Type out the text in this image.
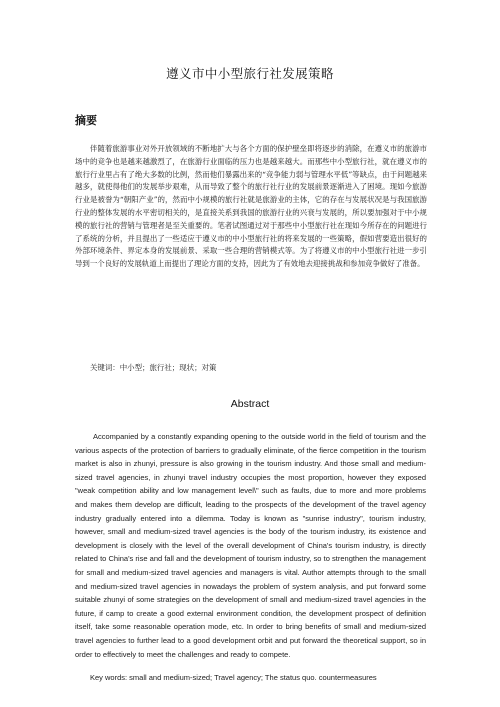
遵义市中小型旅行社发展策略
摘要

伴随着旅游事业对外开放领域的不断地扩大与各个方面的保护壁垒即将逐步的消除，在遵义市的旅游市场中的竞争也是越来越激烈了，在旅游行业面临的压力也是越来越大。而那些中小型旅行社，就在遵义市的旅行行业里占有了绝大多数的比例，然而他们暴露出来的“竞争能力弱与管理水平低”等缺点，由于问题越来越多，就使得他们的发展举步艰难，从而导致了整个的旅行社行业的发展前景逐渐进入了困境。现如今旅游行业是被誉为“朝阳产业”的，然而中小规模的旅行社就是旅游业的主体，它的存在与发展状况是与我国旅游行业的整体发展的水平密切相关的，是直接关系到我国的旅游行业的兴衰与发展的，所以要加强对于中小规模的旅行社的营销与管理者是至关重要的。笔者试图通过对于那些中小型旅行社在现如今所存在的问题进行了系统的分析，并且提出了一些适应于遵义市的中小型旅行社的将来发展的一些策略，假如营要造出很好的外部环境条件、界定本身的发展前景、采取一些合理的营销模式等。为了将遵义市的中小型旅行社进一步引导到一个良好的发展轨道上而提出了理论方面的支持，因此为了有效地去迎接挑战和参加竞争做好了准备。

关键词：中小型；旅行社；现状；对策
Abstract

Accompanied by a constantly expanding opening to the outside world in the field of tourism and the various aspects of the protection of barriers to gradually eliminate, of the fierce competition in the tourism market is also in zhunyi, pressure is also growing in the tourism industry. And those small and medium-sized travel agencies, in zhunyi travel industry occupies the most proportion, however they exposed "weak competition ability and low management level\" such as faults, due to more and more problems and makes them develop are difficult, leading to the prospects of the development of the travel agency industry gradually entered into a dilemma. Today is known as "sunrise industry", tourism industry, however, small and medium-sized travel agencies is the body of the tourism industry, its existence and development is closely with the level of the overall development of China's tourism industry, is directly related to China's rise and fall and the development of tourism industry, so to strengthen the management for small and medium-sized travel agencies and managers is vital. Author attempts through to the small and medium-sized travel agencies in nowadays the problem of system analysis, and put forward some suitable zhunyi of some strategies on the development of small and medium-sized travel agencies in the future, if camp to create a good external environment condition, the development prospect of definition itself, take some reasonable operation mode, etc. In order to bring benefits of small and medium-sized travel agencies to further lead to a good development orbit and put forward the theoretical support, so in order to effectively to meet the challenges and ready to compete.

Key words: small and medium-sized; Travel agency; The status quo. countermeasures
